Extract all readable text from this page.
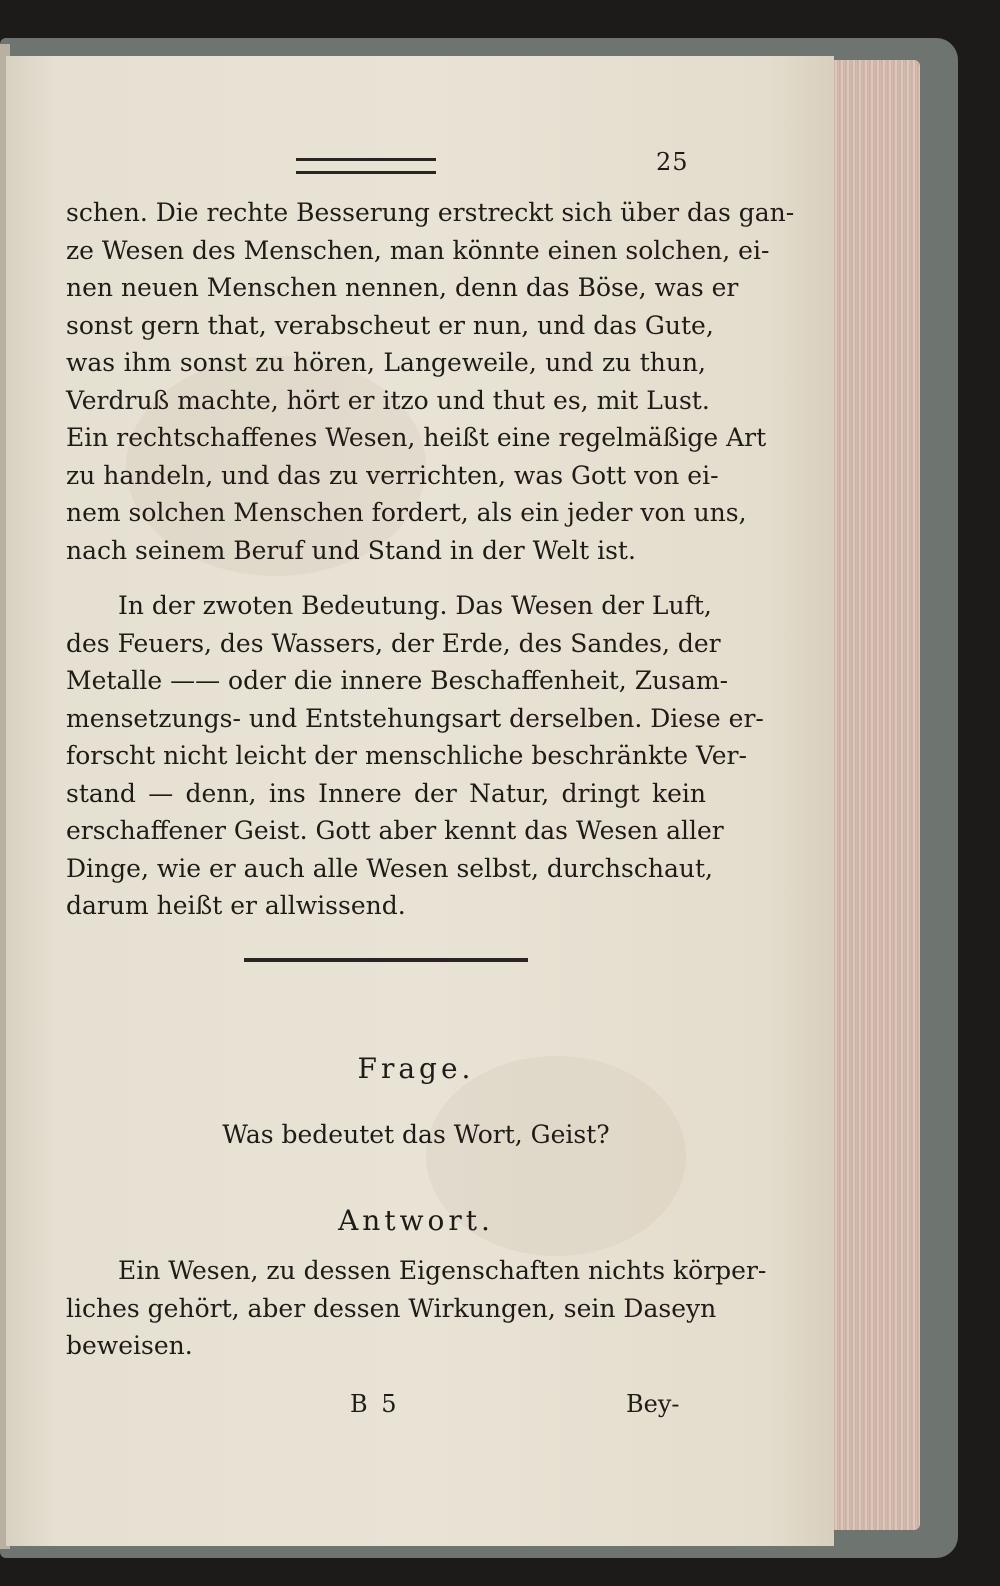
25
schen. Die rechte Besserung erstreckt sich über das gan-
ze Wesen des Menschen, man könnte einen solchen, ei-
nen neuen Menschen nennen, denn das Böse, was er
sonst gern that, verabscheut er nun, und das Gute,
was ihm sonst zu hören, Langeweile, und zu thun,
Verdruß machte, hört er itzo und thut es, mit Lust.
Ein rechtschaffenes Wesen, heißt eine regelmäßige Art
zu handeln, und das zu verrichten, was Gott von ei-
nem solchen Menschen fordert, als ein jeder von uns,
nach seinem Beruf und Stand in der Welt ist.
In der zwoten Bedeutung. Das Wesen der Luft,
des Feuers, des Wassers, der Erde, des Sandes, der
Metalle —— oder die innere Beschaffenheit, Zusam-
mensetzungs- und Entstehungsart derselben. Diese er-
forscht nicht leicht der menschliche beschränkte Ver-
stand — denn, ins Innere der Natur, dringt kein
erschaffener Geist. Gott aber kennt das Wesen aller
Dinge, wie er auch alle Wesen selbst, durchschaut,
darum heißt er allwissend.
Frage.
Was bedeutet das Wort, Geist?
Antwort.
Ein Wesen, zu dessen Eigenschaften nichts körper-
liches gehört, aber dessen Wirkungen, sein Daseyn
beweisen.
B 5	Bey-
